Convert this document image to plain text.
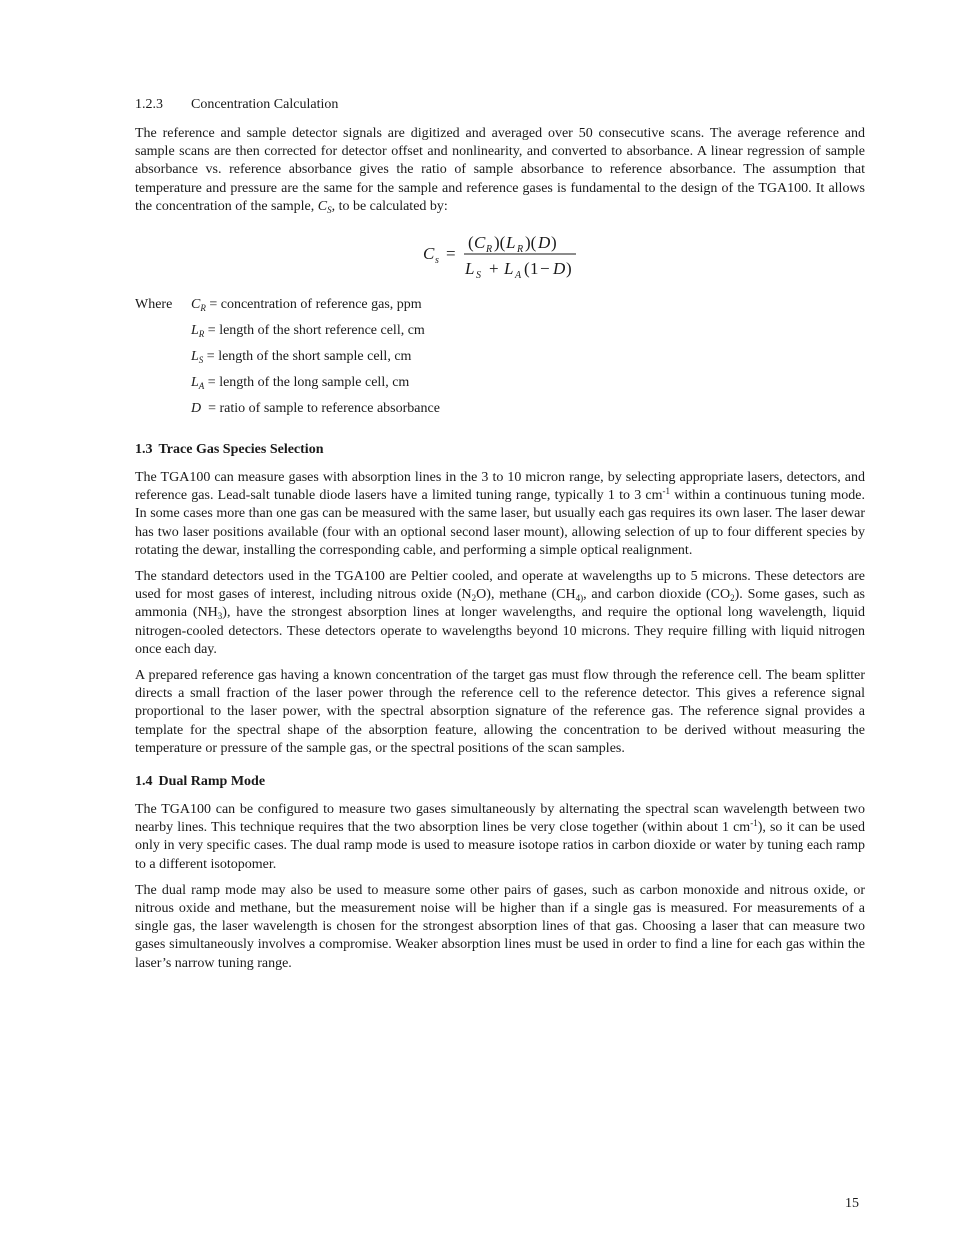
1.2.3 Concentration Calculation

The reference and sample detector signals are digitized and averaged over 50 consecutive scans. The average reference and sample scans are then corrected for detector offset and nonlinearity, and converted to absorbance. A linear regression of sample absorbance vs. reference absorbance gives the ratio of sample absorbance to reference absorbance. The assumption that temperature and pressure are the same for the sample and reference gases is fundamental to the design of the TGA100. It allows the concentration of the sample, $C_S$, to be calculated by:

C s =
( C R )( L R )( D )
L S + L A ( 1 − D )
Where	$C_R$ = concentration of reference gas, ppm
$L_R$ = length of the short reference cell, cm
$L_S$ = length of the short sample cell, cm
$L_A$ = length of the long sample cell, cm
D  = ratio of sample to reference absorbance
1.3 Trace Gas Species Selection

The TGA100 can measure gases with absorption lines in the 3 to 10 micron range, by selecting appropriate lasers, detectors, and reference gas. Lead-salt tunable diode lasers have a limited tuning range, typically 1 to 3 $cm^{-1}$ within a continuous tuning mode. In some cases more than one gas can be measured with the same laser, but usually each gas requires its own laser. The laser dewar has two laser positions available (four with an optional second laser mount), allowing selection of up to four different species by rotating the dewar, installing the corresponding cable, and performing a simple optical realignment.

The standard detectors used in the TGA100 are Peltier cooled, and operate at wavelengths up to 5 microns. These detectors are used for most gases of interest, including nitrous oxide $(N_2O)$, methane ($CH_{4)}$, and carbon dioxide $(CO_2)$. Some gases, such as ammonia $(NH_3)$, have the strongest absorption lines at longer wavelengths, and require the optional long wavelength, liquid nitrogen-cooled detectors. These detectors operate to wavelengths beyond 10 microns. They require filling with liquid nitrogen once each day.

A prepared reference gas having a known concentration of the target gas must flow through the reference cell. The beam splitter directs a small fraction of the laser power through the reference cell to the reference detector. This gives a reference signal proportional to the laser power, with the spectral absorption signature of the reference gas. The reference signal provides a template for the spectral shape of the absorption feature, allowing the concentration to be derived without measuring the temperature or pressure of the sample gas, or the spectral positions of the scan samples.

1.4 Dual Ramp Mode

The TGA100 can be configured to measure two gases simultaneously by alternating the spectral scan wavelength between two nearby lines. This technique requires that the two absorption lines be very close together (within about 1 $cm^{-1}$), so it can be used only in very specific cases. The dual ramp mode is used to measure isotope ratios in carbon dioxide or water by tuning each ramp to a different isotopomer.

The dual ramp mode may also be used to measure some other pairs of gases, such as carbon monoxide and nitrous oxide, or nitrous oxide and methane, but the measurement noise will be higher than if a single gas is measured. For measurements of a single gas, the laser wavelength is chosen for the strongest absorption lines of that gas. Choosing a laser that can measure two gases simultaneously involves a compromise. Weaker absorption lines must be used in order to find a line for each gas within the laser’s narrow tuning range.

15
